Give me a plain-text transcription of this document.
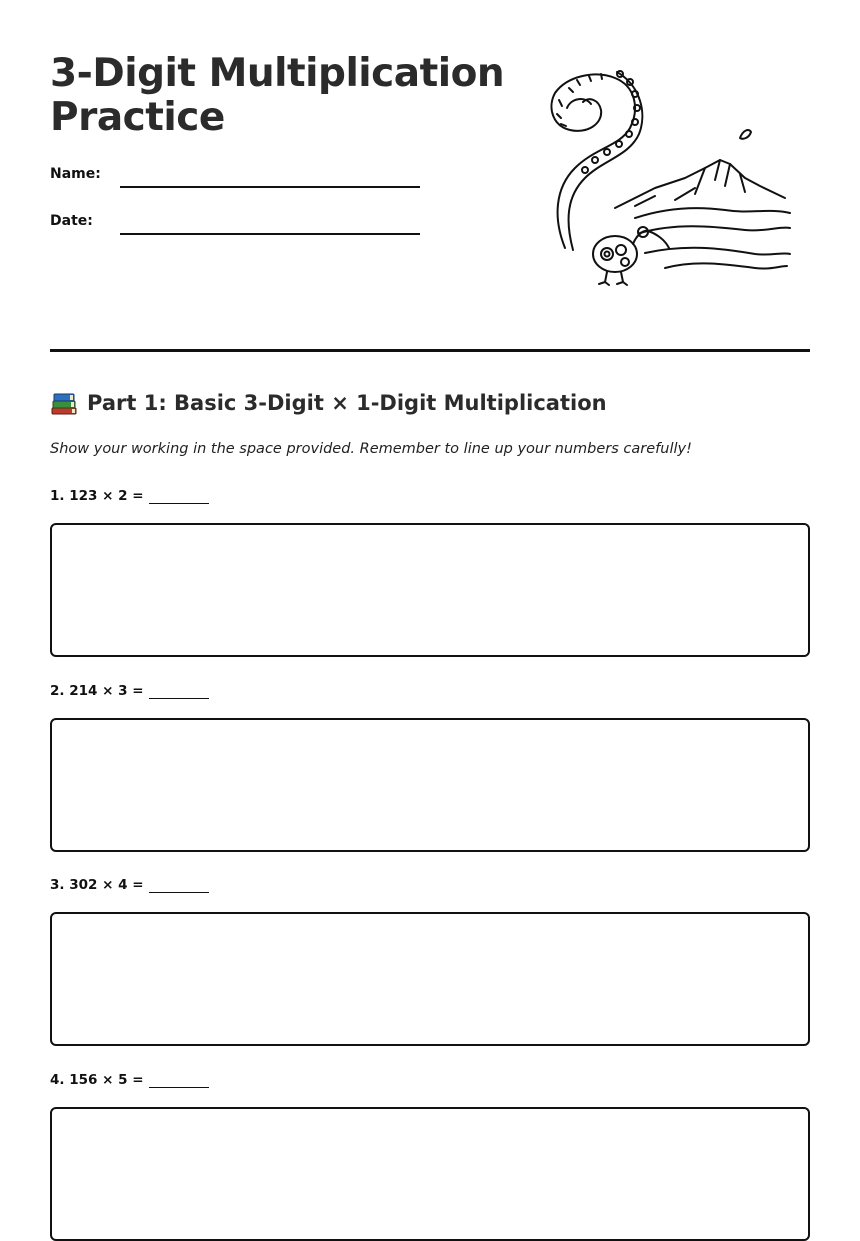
3-Digit Multiplication Practice
Name:
Date:
Part 1: Basic 3-Digit × 1-Digit Multiplication
Show your working in the space provided. Remember to line up your numbers carefully!
1. 123 × 2 =
2. 214 × 3 =
3. 302 × 4 =
4. 156 × 5 =
